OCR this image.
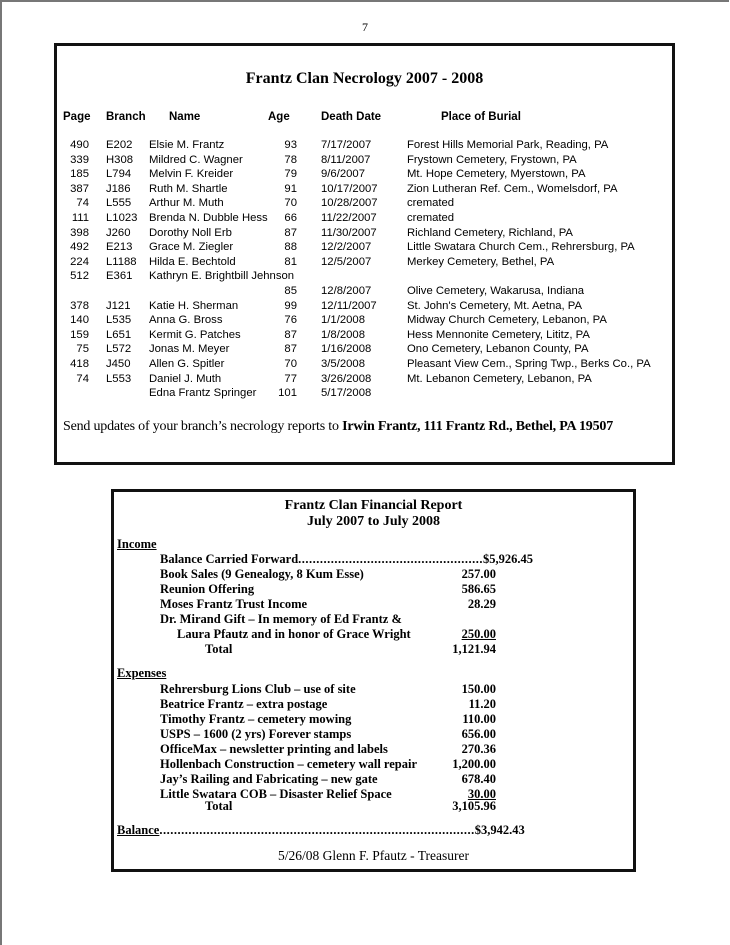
7
Frantz Clan Necrology 2007 - 2008
Page Branch Name	Age	Death Date	Place of Burial
490 E202 Elsie M. Frantz	93 7/17/2007	Forest Hills Memorial Park, Reading, PA
339 H308 Mildred C. Wagner	78 8/11/2007	Frystown Cemetery, Frystown, PA
185 L794 Melvin F. Kreider	79 9/6/2007	Mt. Hope Cemetery, Myerstown, PA
387 J186 Ruth M. Shartle	91 10/17/2007	Zion Lutheran Ref. Cem., Womelsdorf, PA
74 L555 Arthur M. Muth	70 10/28/2007	cremated
111 L1023 Brenda N. Dubble Hess	66 11/22/2007	cremated
398 J260 Dorothy Noll Erb	87 11/30/2007	Richland Cemetery, Richland, PA
492 E213 Grace M. Ziegler	88 12/2/2007	Little Swatara Church Cem., Rehrersburg, PA
224 L1188 Hilda E. Bechtold	81 12/5/2007	Merkey Cemetery, Bethel, PA
512 E361 Kathryn E. Brightbill Jehnson
85 12/8/2007	Olive Cemetery, Wakarusa, Indiana
378 J121 Katie H. Sherman	99 12/11/2007	St. John's Cemetery, Mt. Aetna, PA
140 L535 Anna G. Bross	76 1/1/2008	Midway Church Cemetery, Lebanon, PA
159 L651 Kermit G. Patches	87 1/8/2008	Hess Mennonite Cemetery, Lititz, PA
75 L572 Jonas M. Meyer	87 1/16/2008	Ono Cemetery, Lebanon County, PA
418 J450 Allen G. Spitler	70 3/5/2008	Pleasant View Cem., Spring Twp., Berks Co., PA
74 L553 Daniel J. Muth	77 3/26/2008	Mt. Lebanon Cemetery, Lebanon, PA
Edna Frantz Springer	101 5/17/2008
Send updates of your branch’s necrology reports to Irwin Frantz, 111 Frantz Rd., Bethel, PA 19507
Frantz Clan Financial Report
July 2007 to July 2008
Income
Balance Carried Forward...................................................$5,926.45
Book Sales (9 Genealogy, 8 Kum Esse)	257.00
Reunion Offering	586.65
Moses Frantz Trust Income	28.29
Dr. Mirand Gift – In memory of Ed Frantz &
Laura Pfautz and in honor of Grace Wright	250.00
Total	1,121.94
Expenses
Rehrersburg Lions Club – use of site	150.00
Beatrice Frantz – extra postage	11.20
Timothy Frantz – cemetery mowing	110.00
USPS – 1600 (2 yrs) Forever stamps	656.00
OfficeMax – newsletter printing and labels	270.36
Hollenbach Construction – cemetery wall repair	1,200.00
Jay’s Railing and Fabricating – new gate	678.40
Little Swatara COB – Disaster Relief Space	30.00
Total	3,105.96
Balance.......................................................................................$3,942.43
5/26/08 Glenn F. Pfautz - Treasurer
